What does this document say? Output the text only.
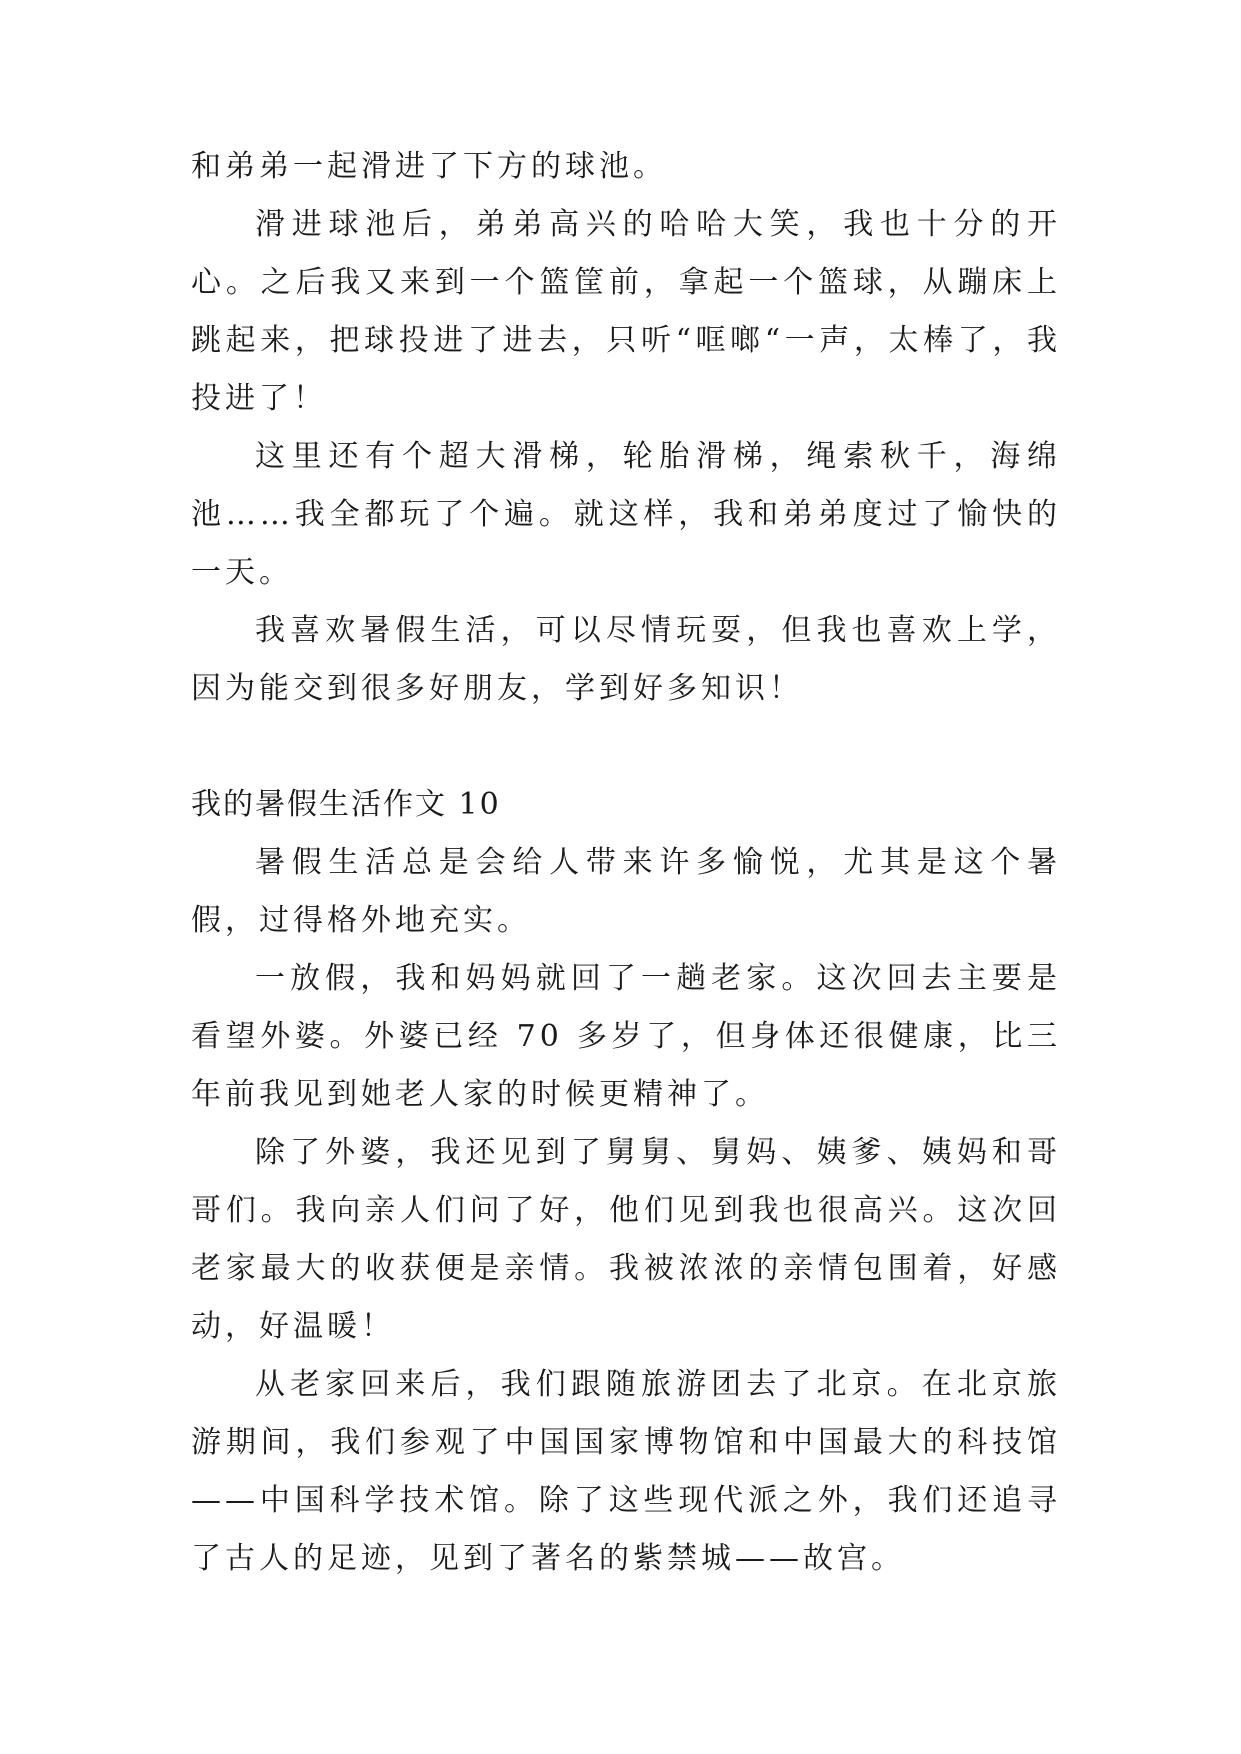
和弟弟一起滑进了下方的球池。

滑进球池后，弟弟高兴的哈哈大笑，我也十分的开心。之后我又来到一个篮筐前，拿起一个篮球，从蹦床上跳起来，把球投进了进去，只听“哐啷“一声，太棒了，我投进了！

这里还有个超大滑梯，轮胎滑梯，绳索秋千，海绵池……我全都玩了个遍。就这样，我和弟弟度过了愉快的一天。

我喜欢暑假生活，可以尽情玩耍，但我也喜欢上学，因为能交到很多好朋友，学到好多知识！

我的暑假生活作文 10

暑假生活总是会给人带来许多愉悦，尤其是这个暑假，过得格外地充实。

一放假，我和妈妈就回了一趟老家。这次回去主要是看望外婆。外婆已经 70 多岁了，但身体还很健康，比三年前我见到她老人家的时候更精神了。

除了外婆，我还见到了舅舅、舅妈、姨爹、姨妈和哥哥们。我向亲人们问了好，他们见到我也很高兴。这次回老家最大的收获便是亲情。我被浓浓的亲情包围着，好感动，好温暖！

从老家回来后，我们跟随旅游团去了北京。在北京旅游期间，我们参观了中国国家博物馆和中国最大的科技馆——中国科学技术馆。除了这些现代派之外，我们还追寻了古人的足迹，见到了著名的紫禁城——故宫。
